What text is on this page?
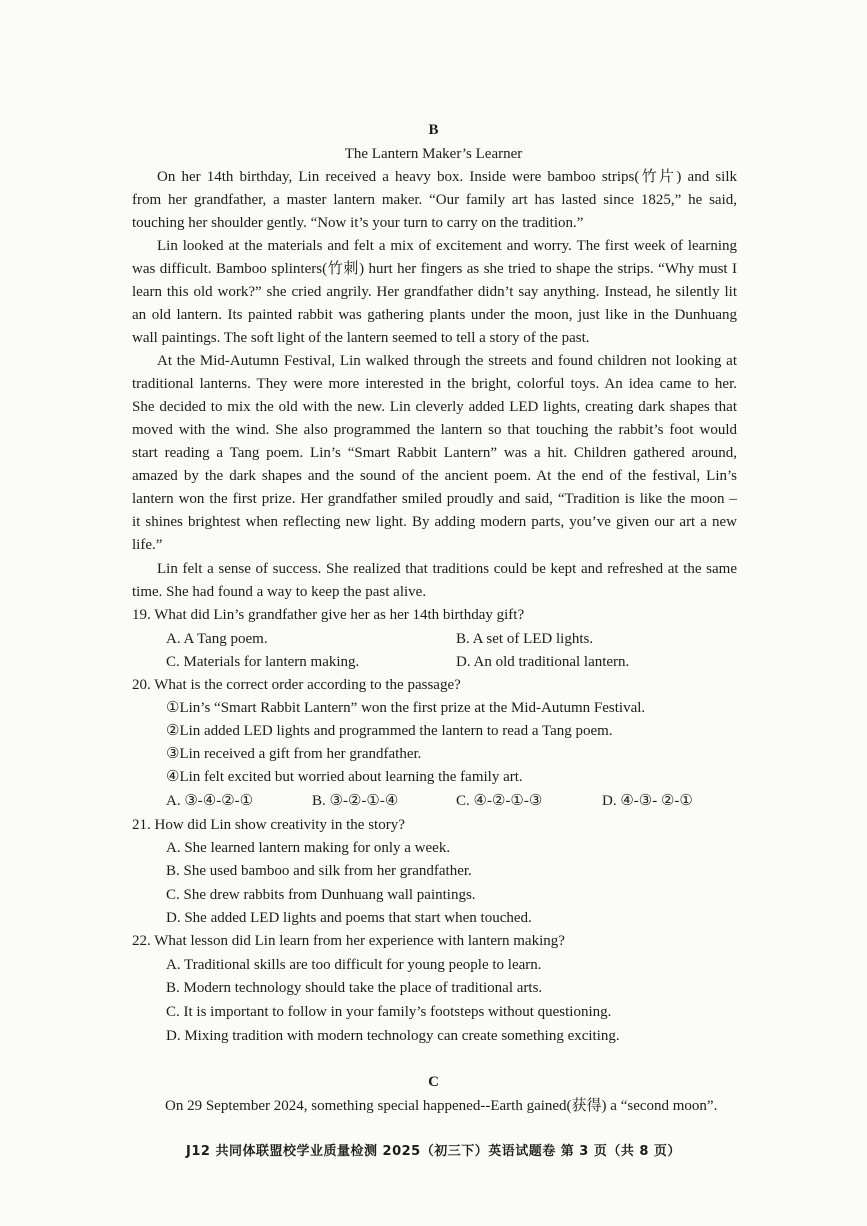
B
The Lantern Maker’s Learner
On her 14th birthday, Lin received a heavy box. Inside were bamboo strips(竹片) and silk
from her grandfather, a master lantern maker. “Our family art has lasted since 1825,” he said,
touching her shoulder gently. “Now it’s your turn to carry on the tradition.”
Lin looked at the materials and felt a mix of excitement and worry. The first week of learning
was difficult. Bamboo splinters(竹刺) hurt her fingers as she tried to shape the strips. “Why must I
learn this old work?” she cried angrily. Her grandfather didn’t say anything. Instead, he silently lit
an old lantern. Its painted rabbit was gathering plants under the moon, just like in the Dunhuang
wall paintings. The soft light of the lantern seemed to tell a story of the past.
At the Mid-Autumn Festival, Lin walked through the streets and found children not looking at
traditional lanterns. They were more interested in the bright, colorful toys. An idea came to her.
She decided to mix the old with the new. Lin cleverly added LED lights, creating dark shapes that
moved with the wind. She also programmed the lantern so that touching the rabbit’s foot would
start reading a Tang poem. Lin’s “Smart Rabbit Lantern” was a hit. Children gathered around,
amazed by the dark shapes and the sound of the ancient poem. At the end of the festival, Lin’s
lantern won the first prize. Her grandfather smiled proudly and said, “Tradition is like the moon –
it shines brightest when reflecting new light. By adding modern parts, you’ve given our art a new
life.”
Lin felt a sense of success. She realized that traditions could be kept and refreshed at the same
time. She had found a way to keep the past alive.
19. What did Lin’s grandfather give her as her 14th birthday gift?
A. A Tang poem.	B. A set of LED lights.
C. Materials for lantern making.	D. An old traditional lantern.
20. What is the correct order according to the passage?
①Lin’s “Smart Rabbit Lantern” won the first prize at the Mid-Autumn Festival.
②Lin added LED lights and programmed the lantern to read a Tang poem.
③Lin received a gift from her grandfather.
④Lin felt excited but worried about learning the family art.
A. ③-④-②-①	B. ③-②-①-④	C. ④-②-①-③	D. ④-③- ②-①
21. How did Lin show creativity in the story?
A. She learned lantern making for only a week.
B. She used bamboo and silk from her grandfather.
C. She drew rabbits from Dunhuang wall paintings.
D. She added LED lights and poems that start when touched.
22. What lesson did Lin learn from her experience with lantern making?
A. Traditional skills are too difficult for young people to learn.
B. Modern technology should take the place of traditional arts.
C. It is important to follow in your family’s footsteps without questioning.
D. Mixing tradition with modern technology can create something exciting.
C
On 29 September 2024, something special happened--Earth gained(获得) a “second moon”.
J12 共同体联盟校学业质量检测 2025（初三下）英语试题卷 第 3 页（共 8 页）
